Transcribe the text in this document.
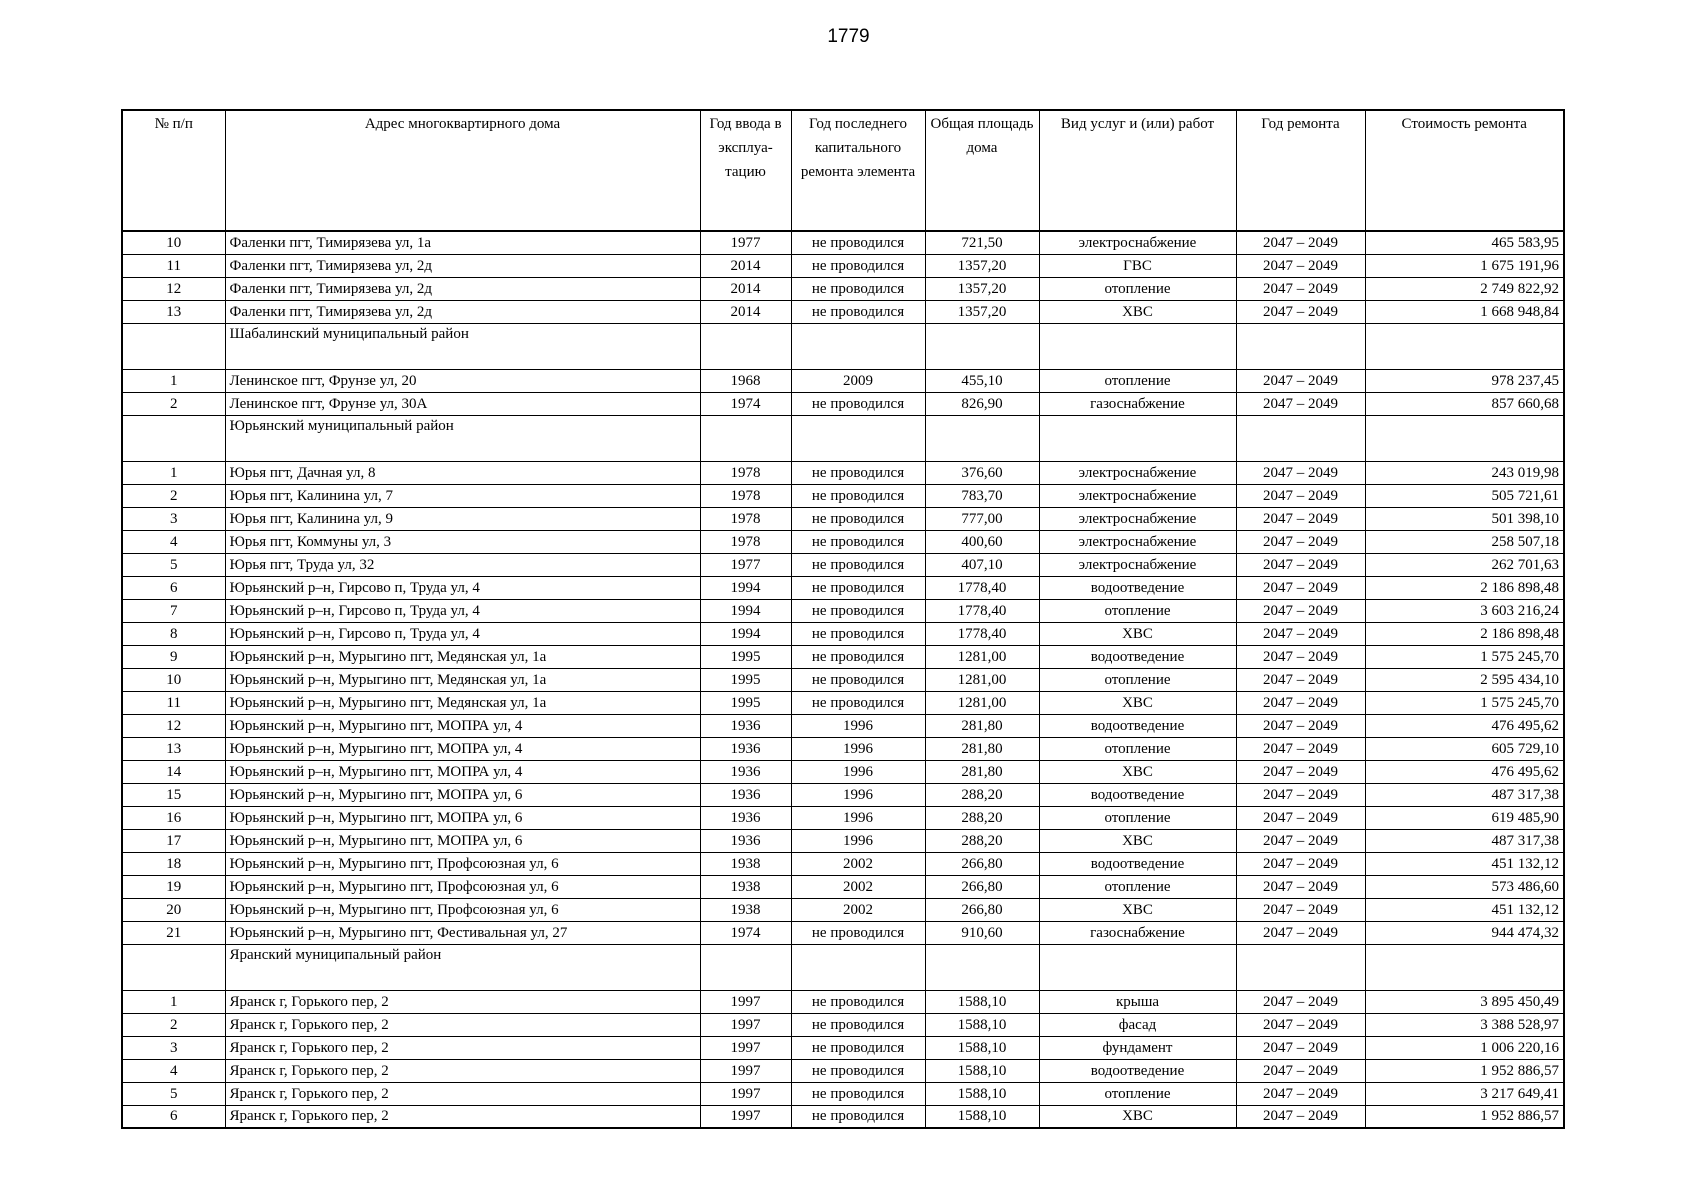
1779
№ п/п	Адрес многоквартирного дома	Год ввода в эксплуа- тацию	Год последнего капитального ремонта элемента	Общая площадь дома	Вид услуг и (или) работ	Год ремонта	Стоимость ремонта
10	Фаленки пгт, Тимирязева ул, 1а	1977	не проводился	721,50	электроснабжение	2047 – 2049	465 583,95
11	Фаленки пгт, Тимирязева ул, 2д	2014	не проводился	1357,20	ГВС	2047 – 2049	1 675 191,96
12	Фаленки пгт, Тимирязева ул, 2д	2014	не проводился	1357,20	отопление	2047 – 2049	2 749 822,92
13	Фаленки пгт, Тимирязева ул, 2д	2014	не проводился	1357,20	ХВС	2047 – 2049	1 668 948,84
	Шабалинский муниципальный район						
1	Ленинское пгт, Фрунзе ул, 20	1968	2009	455,10	отопление	2047 – 2049	978 237,45
2	Ленинское пгт, Фрунзе ул, 30А	1974	не проводился	826,90	газоснабжение	2047 – 2049	857 660,68
	Юрьянский муниципальный район						
1	Юрья пгт, Дачная ул, 8	1978	не проводился	376,60	электроснабжение	2047 – 2049	243 019,98
2	Юрья пгт, Калинина ул, 7	1978	не проводился	783,70	электроснабжение	2047 – 2049	505 721,61
3	Юрья пгт, Калинина ул, 9	1978	не проводился	777,00	электроснабжение	2047 – 2049	501 398,10
4	Юрья пгт, Коммуны ул, 3	1978	не проводился	400,60	электроснабжение	2047 – 2049	258 507,18
5	Юрья пгт, Труда ул, 32	1977	не проводился	407,10	электроснабжение	2047 – 2049	262 701,63
6	Юрьянский р–н, Гирсово п, Труда ул, 4	1994	не проводился	1778,40	водоотведение	2047 – 2049	2 186 898,48
7	Юрьянский р–н, Гирсово п, Труда ул, 4	1994	не проводился	1778,40	отопление	2047 – 2049	3 603 216,24
8	Юрьянский р–н, Гирсово п, Труда ул, 4	1994	не проводился	1778,40	ХВС	2047 – 2049	2 186 898,48
9	Юрьянский р–н, Мурыгино пгт, Медянская ул, 1а	1995	не проводился	1281,00	водоотведение	2047 – 2049	1 575 245,70
10	Юрьянский р–н, Мурыгино пгт, Медянская ул, 1а	1995	не проводился	1281,00	отопление	2047 – 2049	2 595 434,10
11	Юрьянский р–н, Мурыгино пгт, Медянская ул, 1а	1995	не проводился	1281,00	ХВС	2047 – 2049	1 575 245,70
12	Юрьянский р–н, Мурыгино пгт, МОПРА ул, 4	1936	1996	281,80	водоотведение	2047 – 2049	476 495,62
13	Юрьянский р–н, Мурыгино пгт, МОПРА ул, 4	1936	1996	281,80	отопление	2047 – 2049	605 729,10
14	Юрьянский р–н, Мурыгино пгт, МОПРА ул, 4	1936	1996	281,80	ХВС	2047 – 2049	476 495,62
15	Юрьянский р–н, Мурыгино пгт, МОПРА ул, 6	1936	1996	288,20	водоотведение	2047 – 2049	487 317,38
16	Юрьянский р–н, Мурыгино пгт, МОПРА ул, 6	1936	1996	288,20	отопление	2047 – 2049	619 485,90
17	Юрьянский р–н, Мурыгино пгт, МОПРА ул, 6	1936	1996	288,20	ХВС	2047 – 2049	487 317,38
18	Юрьянский р–н, Мурыгино пгт, Профсоюзная ул, 6	1938	2002	266,80	водоотведение	2047 – 2049	451 132,12
19	Юрьянский р–н, Мурыгино пгт, Профсоюзная ул, 6	1938	2002	266,80	отопление	2047 – 2049	573 486,60
20	Юрьянский р–н, Мурыгино пгт, Профсоюзная ул, 6	1938	2002	266,80	ХВС	2047 – 2049	451 132,12
21	Юрьянский р–н, Мурыгино пгт, Фестивальная ул, 27	1974	не проводился	910,60	газоснабжение	2047 – 2049	944 474,32
	Яранский муниципальный район						
1	Яранск г, Горького пер, 2	1997	не проводился	1588,10	крыша	2047 – 2049	3 895 450,49
2	Яранск г, Горького пер, 2	1997	не проводился	1588,10	фасад	2047 – 2049	3 388 528,97
3	Яранск г, Горького пер, 2	1997	не проводился	1588,10	фундамент	2047 – 2049	1 006 220,16
4	Яранск г, Горького пер, 2	1997	не проводился	1588,10	водоотведение	2047 – 2049	1 952 886,57
5	Яранск г, Горького пер, 2	1997	не проводился	1588,10	отопление	2047 – 2049	3 217 649,41
6	Яранск г, Горького пер, 2	1997	не проводился	1588,10	ХВС	2047 – 2049	1 952 886,57
